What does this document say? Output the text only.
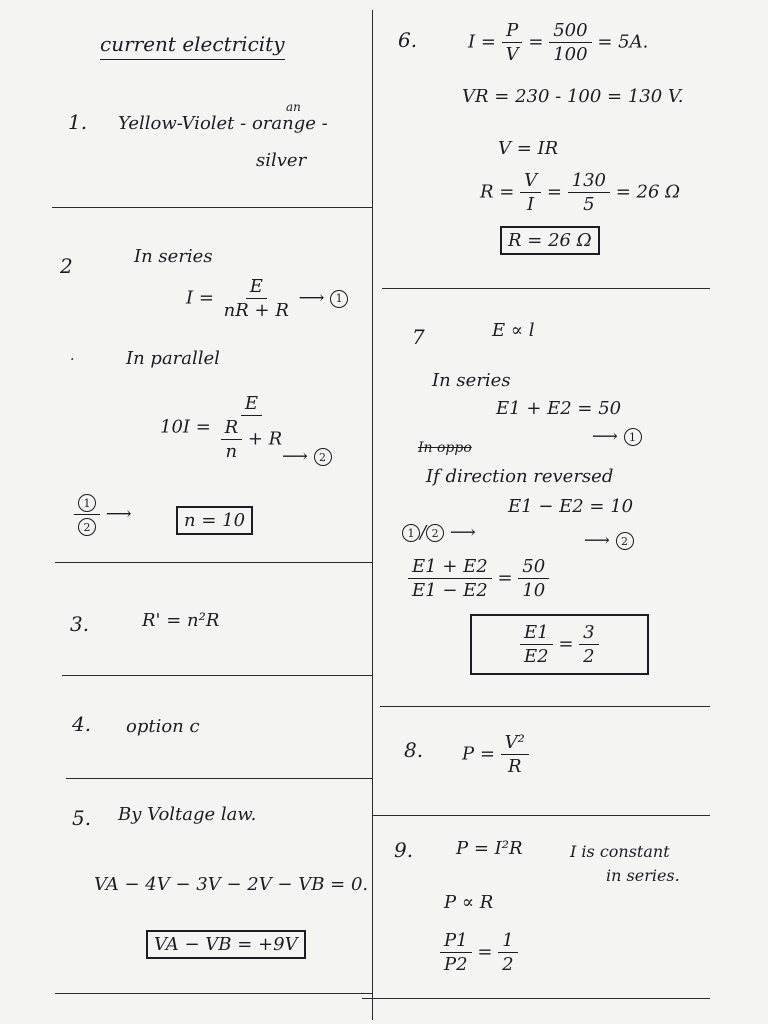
current electricity
1.
an
Yellow-Violet - orange -
silver
2	In series
$I = \frac{E}{nR + R}$ ⟶ 1
·	In parallel
$10I = \frac{E}{\frac{R}{n} + R}$
⟶ 2
$\frac{1}{2}$ ⟶	n = 10
3.	R' = n²R
4. option c
5. By Voltage law.
VA − 4V − 3V − 2V − VB = 0.
VA − VB = +9V
6.	$I = \frac{P}{V} = \frac{500}{100} = 5A$.
VR = 230 - 100 = 130 V.
V = IR
$R = \frac{V}{I} = \frac{130}{5} = 26$ Ω
R = 26 Ω
7	E ∝ l
In series
E1 + E2 = 50
⟶ 1
In oppo
If direction reversed
E1 − E2 = 10
1 / 2 ⟶	⟶ 2
$\frac{E1 + E2}{E1 - E2} = \frac{50}{10}$
$\frac{E1}{E2} = \frac{3}{2}$
8. $P = \frac{\text{V²}}{R}$
9. P = I²R	I is constant
in series.
P ∝ R
$\frac{P1}{P2} = \frac{1}{2}$
